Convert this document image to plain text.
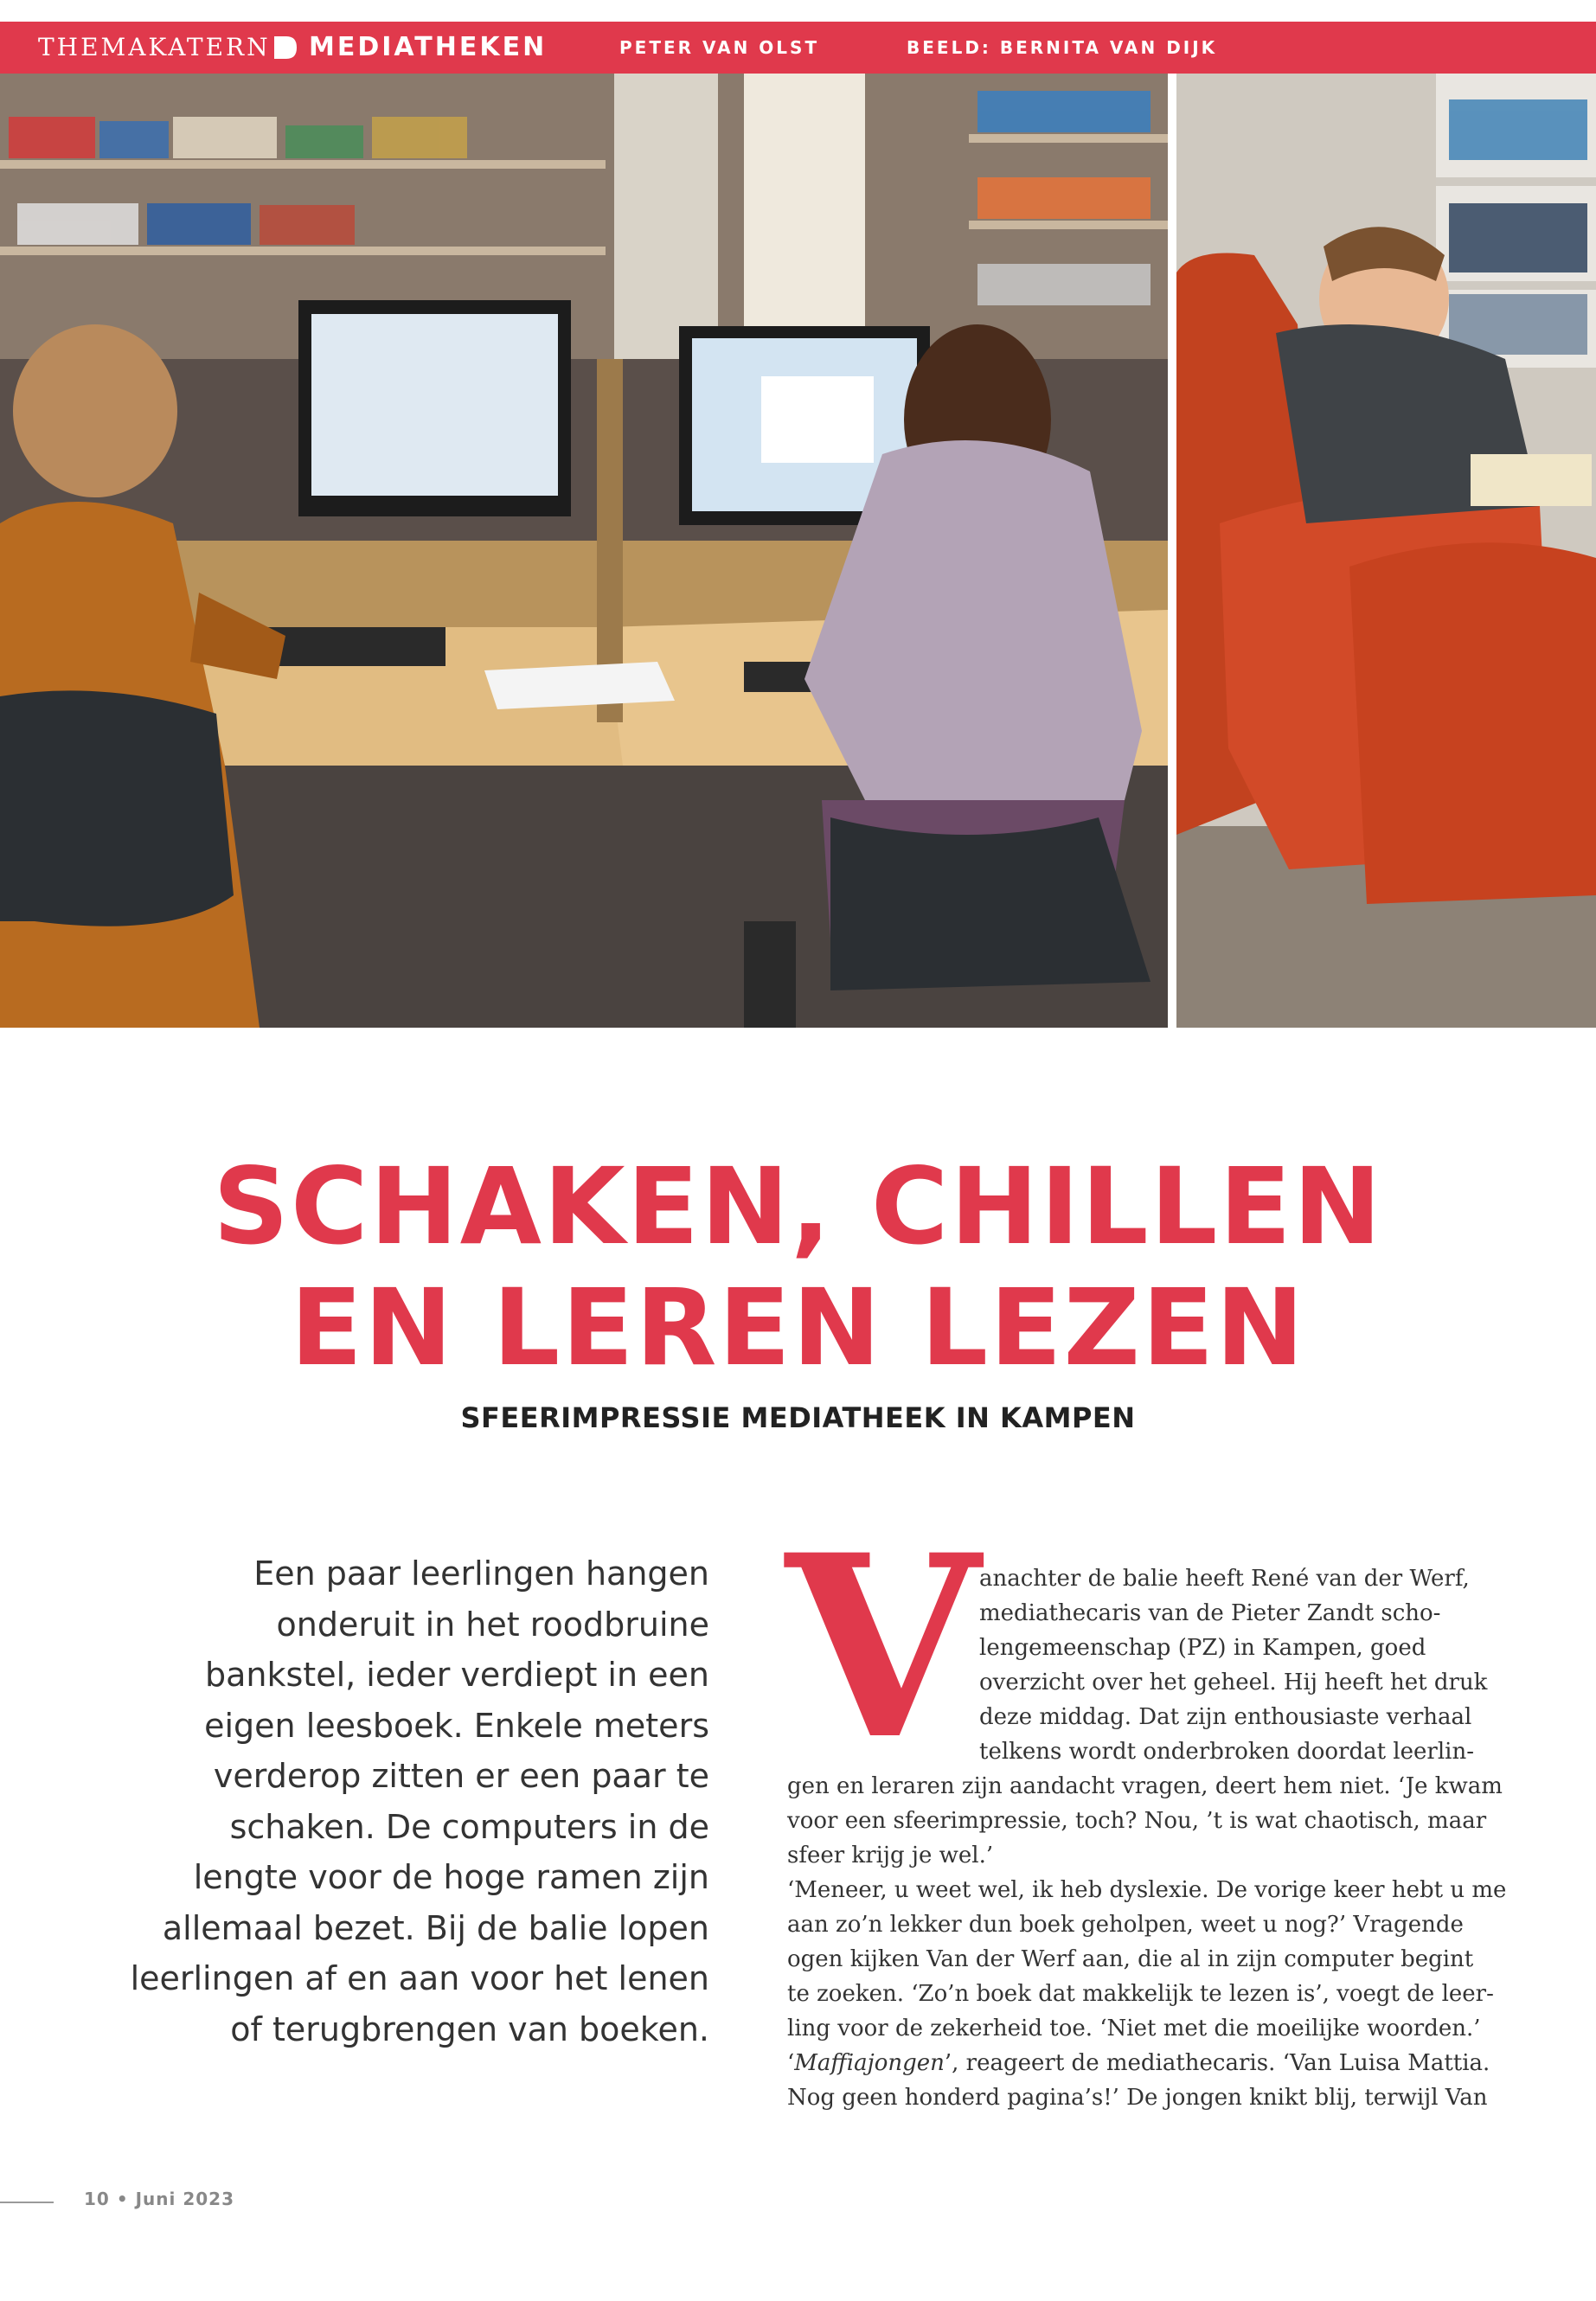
THEMAKATERN MEDIATHEKEN	PETER VAN OLST	BEELD: BERNITA VAN DIJK
SCHAKEN, CHILLEN
EN LEREN LEZEN
SFEERIMPRESSIE MEDIATHEEK IN KAMPEN
Een paar leerlingen hangen
onderuit in het roodbruine
bankstel, ieder verdiept in een
eigen leesboek. Enkele meters
verderop zitten er een paar te
schaken. De computers in de
lengte voor de hoge ramen zijn
allemaal bezet. Bij de balie lopen
leerlingen af en aan voor het lenen
of terugbrengen van boeken.
V
anachter de balie heeft René van der Werf,
mediathecaris van de Pieter Zandt scho-
lengemeenschap (PZ) in Kampen, goed
overzicht over het geheel. Hij heeft het druk
deze middag. Dat zijn enthousiaste verhaal
telkens wordt onderbroken doordat leerlin-
gen en leraren zijn aandacht vragen, deert hem niet. ‘Je kwam
voor een sfeerimpressie, toch? Nou, ’t is wat chaotisch, maar
sfeer krijg je wel.’
‘Meneer, u weet wel, ik heb dyslexie. De vorige keer hebt u me
aan zo’n lekker dun boek geholpen, weet u nog?’ Vragende
ogen kijken Van der Werf aan, die al in zijn computer begint
te zoeken. ‘Zo’n boek dat makkelijk te lezen is’, voegt de leer-
ling voor de zekerheid toe. ‘Niet met die moeilijke woorden.’
‘Maffiajongen’, reageert de mediathecaris. ‘Van Luisa Mattia.
Nog geen honderd pagina’s!’ De jongen knikt blij, terwijl Van
10 • Juni 2023
